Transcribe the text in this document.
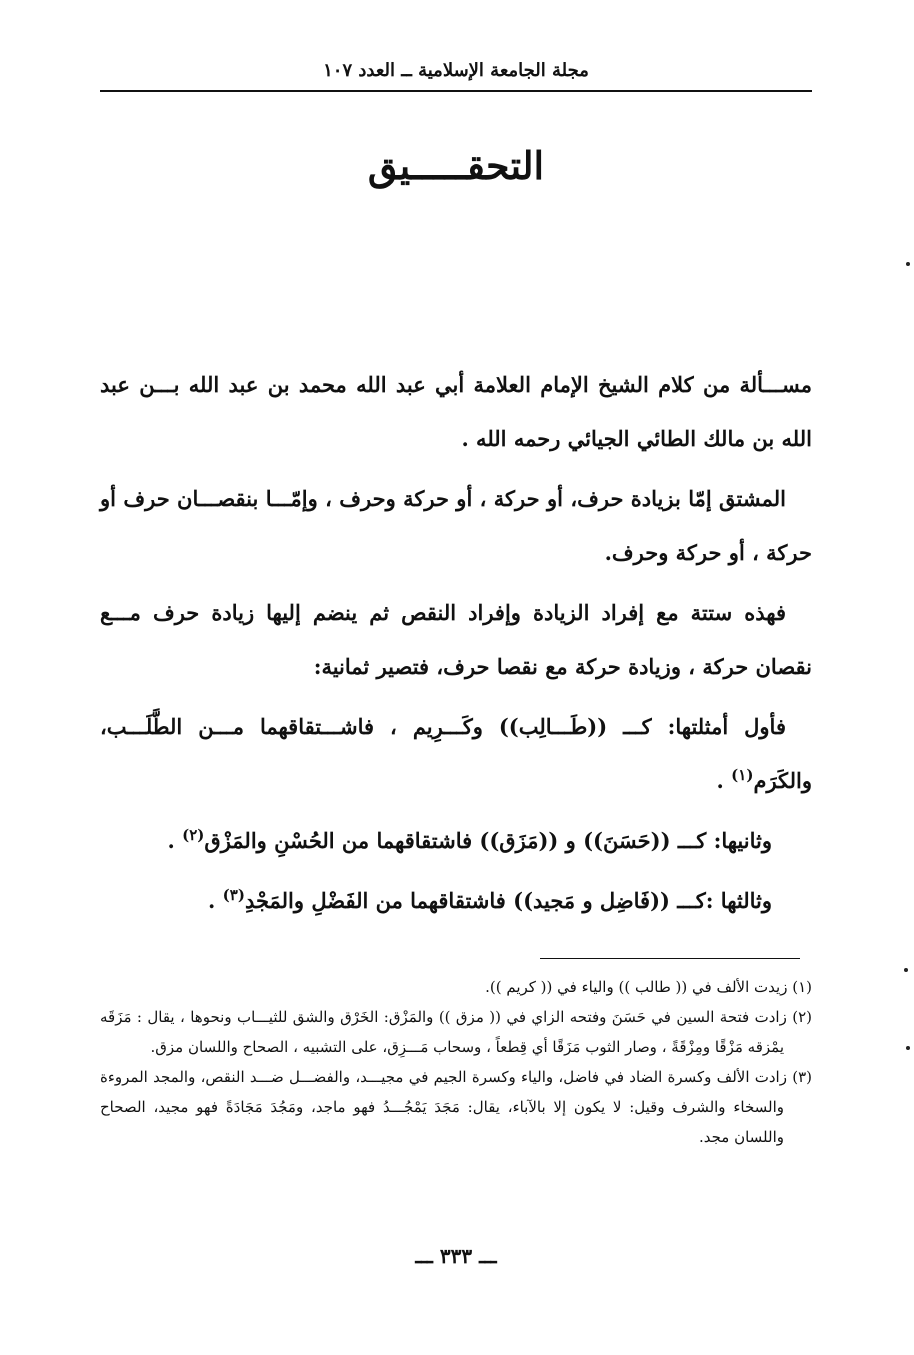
مجلة الجامعة الإسلامية ــ العدد ١٠٧
التحقـــــيق

مســـألة من كلام الشيخ الإمام العلامة أبي عبد الله محمد بن عبد الله بـــن عبد الله بن مالك الطائي الجيائي رحمه الله .

المشتق إمّا بزيادة حرف، أو حركة ، أو حركة وحرف ، وإمّـــا بنقصـــان حرف أو حركة ، أو حركة وحرف.

فهذه ستتة مع إفراد الزيادة وإفراد النقص ثم ينضم إليها زيادة حرف مـــع نقصان حركة ، وزيادة حركة مع نقصا حرف، فتصير ثمانية:

فأول أمثلتها: كـــ ((طَـــالِب)) وكَـــرِيم ، فاشـــتقاقهما مـــن الطَّلَـــب، والكَرَم$^{(١)}$ .

وثانيها: كـــ ((حَسَنَ)) و ((مَزَق)) فاشتقاقهما من الحُسْنِ والمَزْق$^{(٢)}$ .

وثالثها :كـــ ((فَاضِل و مَجيد)) فاشتقاقهما من الفَضْلِ والمَجْدِ$^{(٣)}$ .

(١) زيدت الألف في (( طالب )) والياء في (( كريم )).

(٢) زادت فتحة السين في حَسَنَ وفتحه الزاي في (( مزق )) والمَزْق: الخَرْق والشق للثيـــاب ونحوها ، يقال : مَزَقَه يمْزقه مَزْقًا ومِزْقَةً ، وصار الثوب مَزَقًا أي قِطعاً ، وسحاب مَـــزِق، على التشبيه ، الصحاح واللسان مزق.

(٣) زادت الألف وكسرة الضاد في فاضل، والياء وكسرة الجيم في مجيـــد، والفضـــل ضـــد النقص، والمجد المروءة والسخاء والشرف وقيل: لا يكون إلا بالآباء، يقال: مَجَدَ يَمْجُـــدُ فهو ماجد، ومَجُدَ مَجَادَةً فهو مجيد، الصحاح واللسان مجد.

ـــ ٣٣٣ ـــ
